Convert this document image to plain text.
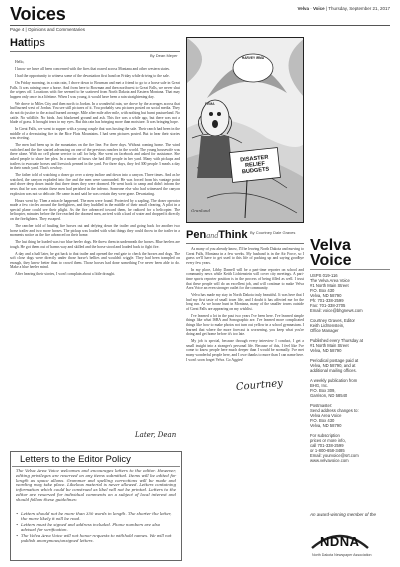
Voices	Velva · Voice | Thursday, September 21, 2017
Page 4 | Opinions and Commentaries
Hattips
By Dean Meyer

Hello,

I know we have all been concerned with the fires that roared across Montana and other western states.

I had the opportunity to witness some of the devastation first hand on Friday while driving to the sale.

On Friday morning, in a rain rain, I drove down to Bowman and met a friend to go to a horse sale in Great Falls. It was raining once a horse. And from here to Bowman and then northwest to Great Falls, we never shut the wipers off. Locations with fire seemed to be scattered from North Dakota and Eastern Montana. That may happen only once in a lifetime. When I was young, it would have been a rain straightening day.

We drove to Miles City and then north to Jordan. In a wonderful rain, we drove by the acreages across that had burned west of Jordan. You see still pictures of it. You probably saw pictures posted on social media. They do not do justice to the actual burned acreage. Mile after mile after mile, with nothing but burnt pastureland. No cattle. No wildlife. No birds. Just blackened ground and ash. This fire was a while ago, but there was not a blade of grass. It brought tears to my eyes. But this rain has bringing more than moisture. It was bringing hope.

In Great Falls, we went to supper with a young couple that was hosting the sale. Their ranch had been in the middle of a devastating fire in the Rice Flats Mountains. I had seen pictures posted. But to hear their stories was riveting.

The men had been up in the mountains on the fire line. For three days. Without coming home. The wind switched and the fire started advancing on one of the previous ranches in the world. The young housewife was there alone. With no cell phone service to call for help. She went on facebook and asked for assistance. She asked people to share her plea. In a matter of hours she had 400 people in her yard. Many with pickups and trailers to evacuate horses and livestock penned in the yard. For three days, they fed 300 people 3 meals a day in their ranch yard. That's cowboy.

The father told of watching a dozer go over a steep incline and down into a canyon. Three times. And as he watched, the canyon exploded into fire and the men were surrounded. He was forced from his vantage point and drove deep down inside that three times they were doomed. He went back to camp and didn't inform the news that he was certain these men had perished in the inferno. Someone else who had witnessed the canyon explosion was not so delicate. He came in and said he was certain they were gone. Devastating.

Hours went by. Then a miracle happened. The men were found. Protected by a sapling. The dozer operator made a few circles around the firefighters, and they huddled in the middle of their small clearing. A pilot in a special plane could see their plight. As the fire advanced toward them, he radioed for a helicopter. The helicopter, minutes before the fire reached the doomed men, arrived with a load of water and dropped it directly on the firefighters. They escaped.

The rancher told of hauling fire horses out and defying down the trailer and going back for another two horse trailer and two more horses. The pickup was loaded with what things they could throw in the trailer in a moments notice as the fire advanced on their home.

The last thing he loaded was two blue heeler dogs. He threw them in underneath the horses. Blue heelers are tough. He got them out of harms way and skilled and the horse stood and loaded back to fight fire.

A day and a half later, he got back to that trailer and opened the end gate to check the horses and dogs. The soft close dogs were directly under those horse's bellies and wouldn't wiggle. They had been trampled on enough, they knew better than to crowd them. Those horses had done something I've never been able to do. Make a blue heeler mind.

After hearing their stories, I won't complain about a little drought.

Later, Dean
HARVEY IRMA
FEMA
DISASTER RELIEF BUDGETS
Granlund
PenandThink By Courtney Dale Graves

As many of you already know, I'll be leaving North Dakota and moving to Great Falls, Montana in a few weeks. My husband is in the Air Force, so I guess we'll have to get used to this life of packing up and saying goodbye every few years.

In my place, Libby Darnell will be a part-time reporter on school and community news while Keith Lichtenstein will cover city meetings. A part-time sports reporter position is in the process of being filled as well. I trust that these people will do an excellent job, and will continue to make Velva Area Voice an even stronger outlet for the community.

Velva has made my stay in North Dakota truly beautiful. It was here that I had my first taste of small town life, and I doubt it has affected me for the long run. As we house hunt in Montana, many of the smaller towns outside of Great Falls are appearing on my wishlist.

I've learned a lot in the past two years I've been here. I've learned simple things like what ISBA and Sonographic are. I've learned more complicated things like how to make photos not turn out yellow in a school gymnasium. I learned that where the more forecast is worsening, you keep what you're doing and get home before it's too late.

My job is special, because through every interview I conduct, I get a small insight into a stranger's personal life. Because of this, I feel like I've come to know people here much deeper than I would be normally. I've met many wonderful people here, and I owe thanks to more than I can name here. I won't soon forget Velva. Go Aggies!

Courtney
Velva
Voice
USPS 019-116
The Velva Area Voice
#1 North Main Street
P.O. Box 430
Velva, ND 58790
Ph: 701-338-2599
Fax: 701-338-2705
Email: voice@bhgnews.com
Courtney Graves, Editor
Keith Lichtenstein,
Office Manager
Published every Thursday at
#1 North Main Street
Velva, ND 58790
Periodical postage paid at
Velva, ND 58790, and at
additional mailing offices.
A weekly publication from
BHG, Inc.
P.O. Box 309,
Garrison, ND 58540
Postmaster:
Send address changes to:
Velva Area Voice
P.O. Box 430
Velva, ND 58790
For subscription
prices or more info,
call 701-338-2599
or 1-800-658-3485
Email: yourvoice@srt.com
www.velvavoice.com
An award-winning member of the
NDNA
North Dakota Newspaper Association
Letters to the Editor Policy
The Velva Area Voice welcomes and encourages letters to the editor. However, editing privileges are reserved on any items submitted. Items will be edited for length as space allows. Grammar and spelling corrections will be made and wording may take place. Libelous material is never allowed. Letters containing information which could be construed as libel will not be printed. Letters to the editor are reserved for individual comments on a subject of local interest and should follow these guidelines:
• Letters should not be more than 350 words in length. The shorter the letter, the more likely it will be read.
• Letters must be signed and address included. Phone numbers are also advised for verification.
• The Velva Area Voice will not honor requests to withhold names. We will not publish anonymous/unsigned letters.
